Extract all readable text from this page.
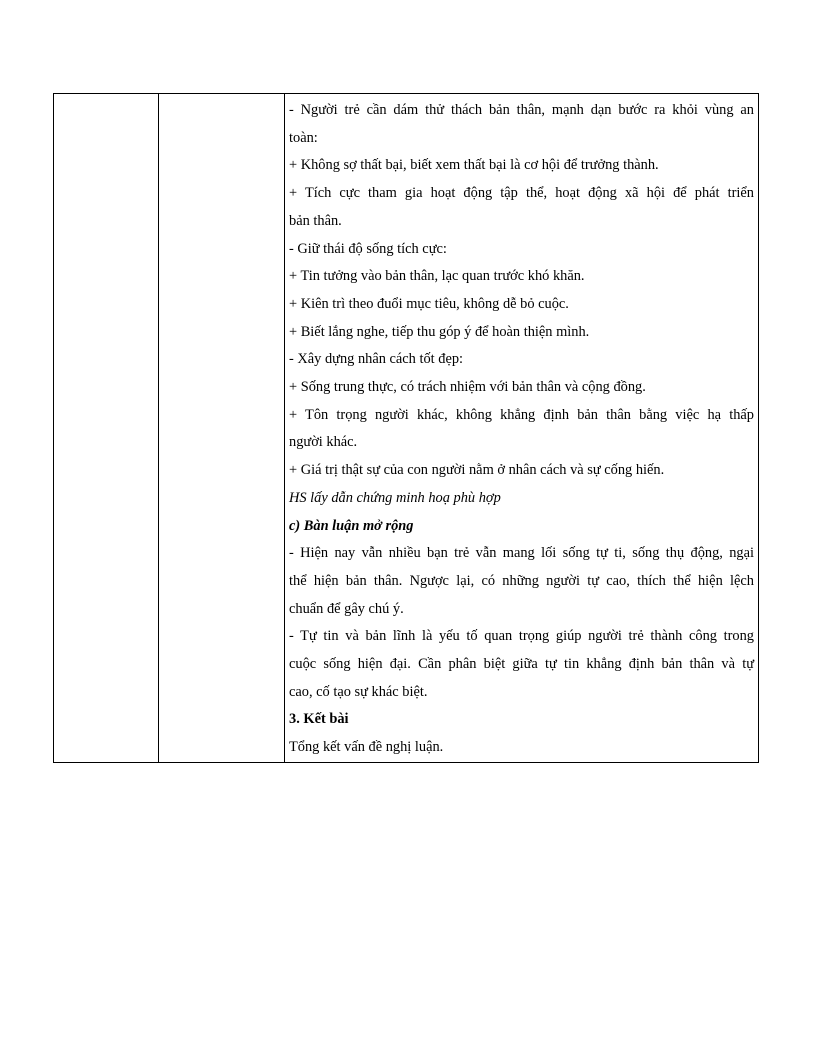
- Người trẻ cần dám thử thách bản thân, mạnh dạn bước ra khỏi vùng an

toàn:

+ Không sợ thất bại, biết xem thất bại là cơ hội để trưởng thành.

+ Tích cực tham gia hoạt động tập thể, hoạt động xã hội để phát triển

bản thân.

- Giữ thái độ sống tích cực:

+ Tin tưởng vào bản thân, lạc quan trước khó khăn.

+ Kiên trì theo đuổi mục tiêu, không dễ bỏ cuộc.

+ Biết lắng nghe, tiếp thu góp ý để hoàn thiện mình.

- Xây dựng nhân cách tốt đẹp:

+ Sống trung thực, có trách nhiệm với bản thân và cộng đồng.

+ Tôn trọng người khác, không khẳng định bản thân bằng việc hạ thấp

người khác.

+ Giá trị thật sự của con người nằm ở nhân cách và sự cống hiến.

HS lấy dẫn chứng minh hoạ phù hợp

c) Bàn luận mở rộng

- Hiện nay vẫn nhiều bạn trẻ vẫn mang lối sống tự ti, sống thụ động, ngại

thể hiện bản thân. Ngược lại, có những người tự cao, thích thể hiện lệch

chuẩn để gây chú ý.

- Tự tin và bản lĩnh là yếu tố quan trọng giúp người trẻ thành công trong

cuộc sống hiện đại. Cần phân biệt giữa tự tin khẳng định bản thân và tự

cao, cố tạo sự khác biệt.

3. Kết bài

Tổng kết vấn đề nghị luận.
